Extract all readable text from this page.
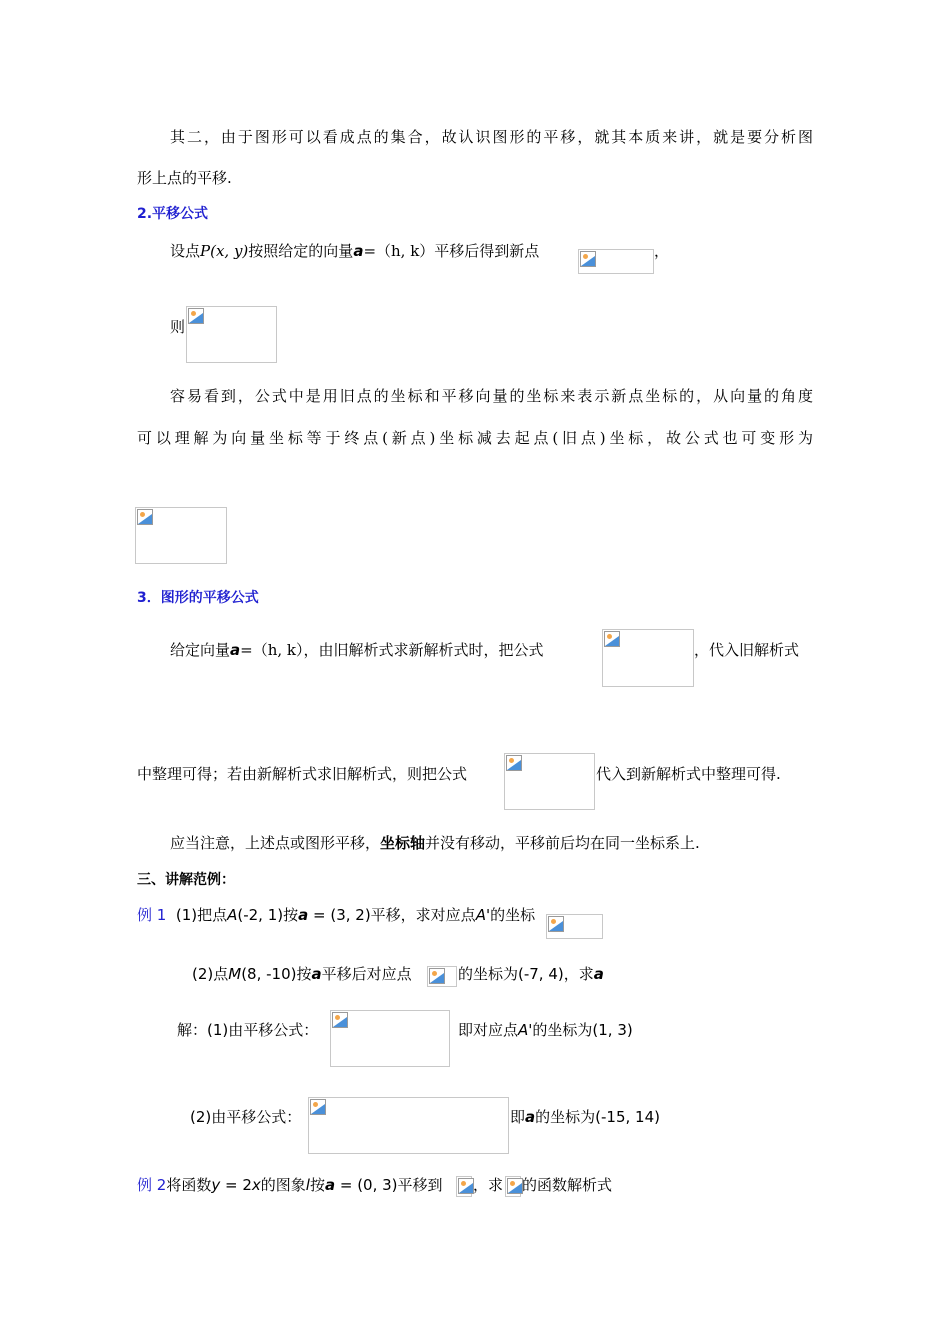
其二，由于图形可以看成点的集合，故认识图形的平移，就其本质来讲，就是要分析图
形上点的平移.
2.平移公式
设点P(x, y)按照给定的向量a=（h, k）平移后得到新点	，
则
容易看到，公式中是用旧点的坐标和平移向量的坐标来表示新点坐标的，从向量的角度
可以理解为向量坐标等于终点(新点)坐标减去起点(旧点)坐标，故公式也可变形为
3．图形的平移公式
给定向量a=（h, k），由旧解析式求新解析式时，把公式	，代入旧解析式
中整理可得；若由新解析式求旧解析式，则把公式	代入到新解析式中整理可得.
应当注意，上述点或图形平移，坐标轴并没有移动，平移前后均在同一坐标系上.
三、讲解范例：
例 1 (1)把点A(-2, 1)按a = (3, 2)平移，求对应点A'的坐标
(2)点M(8, -10)按a平移后对应点	的坐标为(-7, 4)，求a
解：(1)由平移公式：	即对应点A'的坐标为(1, 3)
(2)由平移公式：	即a的坐标为(-15, 14)
例 2将函数y = 2x的图象l按a = (0, 3)平移到 ，求 的函数解析式
